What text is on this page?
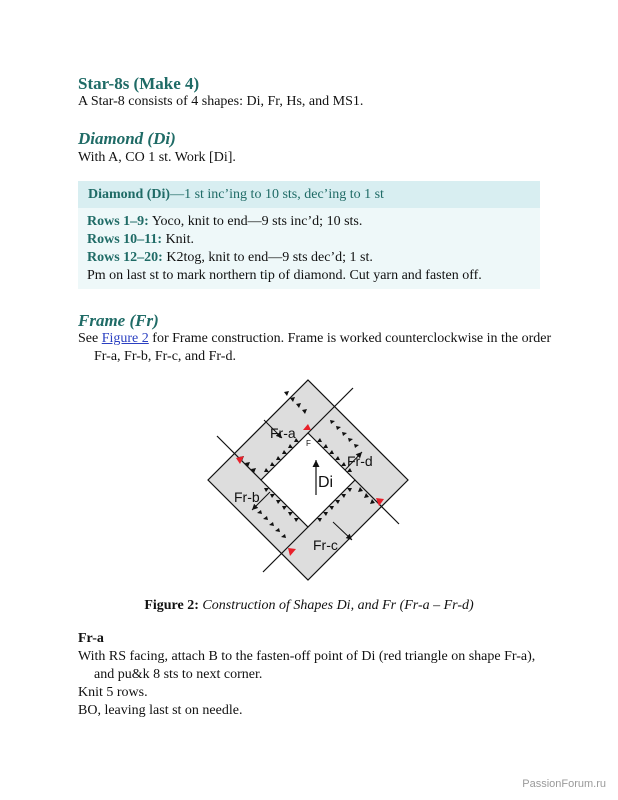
Star-8s (Make 4)
A Star-8 consists of 4 shapes: Di, Fr, Hs, and MS1.
Diamond (Di)
With A, CO 1 st. Work [Di].
Diamond (Di)—1 st inc’ing to 10 sts, dec’ing to 1 st
Rows 1–9: Yoco, knit to end—9 sts inc’d; 10 sts.
Rows 10–11: Knit.
Rows 12–20: K2tog, knit to end—9 sts dec’d; 1 st.
Pm on last st to mark northern tip of diamond. Cut yarn and fasten off.
Frame (Fr)
See Figure 2 for Frame construction. Frame is worked counterclockwise in the order Fr-a, Fr-b, Fr-c, and Fr-d.
Fr-a
Fr-d
Fr-b
Fr-c
Di
F
Figure 2: Construction of Shapes Di, and Fr (Fr-a – Fr-d)
Fr-a
With RS facing, attach B to the fasten-off point of Di (red triangle on shape Fr-a), and pu&k 8 sts to next corner.
Knit 5 rows.
BO, leaving last st on needle.
PassionForum.ru
